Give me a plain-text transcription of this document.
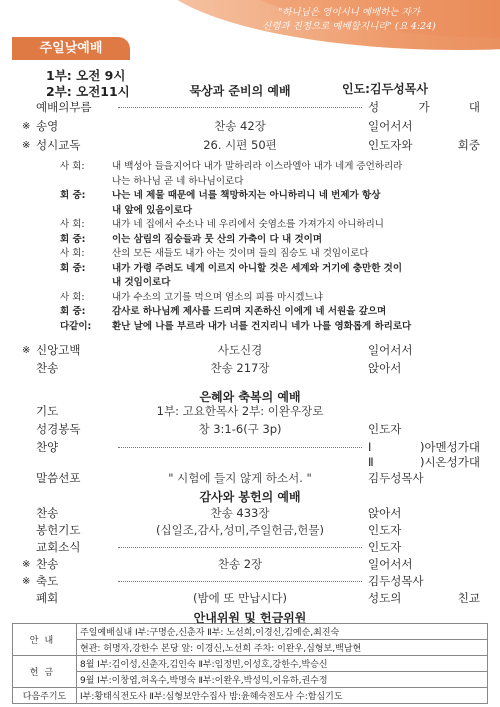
"하나님은 영이시니 예배하는 자가
신령과 진정으로 예배할지니라" (요 4:24)
주일낮예배
1부: 오전 9시
2부: 오전11시	묵상과 준비의 예배	인도:김두성목사
예배의부름	성 가 대
※ 송영	찬송 42장	일어서서
※ 성시교독	26. 시편 50편	인도자와 회중
사 회:	내 백성아 들을지어다 내가 말하리라 이스라엘아 내가 네게 증언하리라
나는 하나님 곧 네 하나님이로다
회 중:	나는 네 제물 때문에 너를 책망하지는 아니하리니 네 번제가 항상
내 앞에 있음이로다
사 회:	내가 네 집에서 수소나 네 우리에서 숫염소를 가져가지 아니하리니
회 중:	이는 삼림의 짐승들과 뭇 산의 가축이 다 내 것이며
사 회:	산의 모든 새들도 내가 아는 것이며 들의 짐승도 내 것임이로다
회 중:	내가 가령 주려도 네게 이르지 아니할 것은 세계와 거기에 충만한 것이
내 것임이로다
사 회:	내가 수소의 고기를 먹으며 염소의 피를 마시겠느냐
회 중:	감사로 하나님께 제사를 드리며 지존하신 이에게 네 서원을 갚으며
다같이:	환난 날에 나를 부르라 내가 너를 건지리니 네가 나를 영화롭게 하리로다
※ 신앙고백	사도신경	일어서서
찬송	찬송 217장	앉아서
은혜와 축복의 예배
기도	1부: 고요한목사 2부: 이완우장로
성경봉독	창 3:1-6(구 3p)	인도자
찬양	Ⅰ)아멘성가대
Ⅱ)시온성가대
말씀선포	" 시험에 들지 않게 하소서. "	김두성목사
감사와 봉헌의 예배
찬송	찬송 433장	앉아서
봉헌기도	(십일조,감사,성미,주일헌금,헌물)	인도자
교회소식	인도자
※ 찬송	찬송 2장	일어서서
※ 축도	김두성목사
폐회	(밤에 또 만납시다)	성도의 친교
안내위원 및 헌금위원
안내	주일예배실내 Ⅰ부:구명순,신춘자 Ⅱ부: 노선희,이경신,김예순,최진숙
	현관: 허명자,강한수 본당 앞: 이경신,노선희 주차: 이완우,심형보,백남현
헌금	8월 Ⅰ부:김이성,신춘자,김인숙 Ⅱ부:임정빈,이성호,강한수,박승신
	9월 Ⅰ부:이창엽,허옥수,박명숙 Ⅱ부:이완우,박성익,이유하,권수정
다음주기도	Ⅰ부:황태식전도사 Ⅱ부:심형보안수집사 밤:윤혜숙전도사 수:함심기도
